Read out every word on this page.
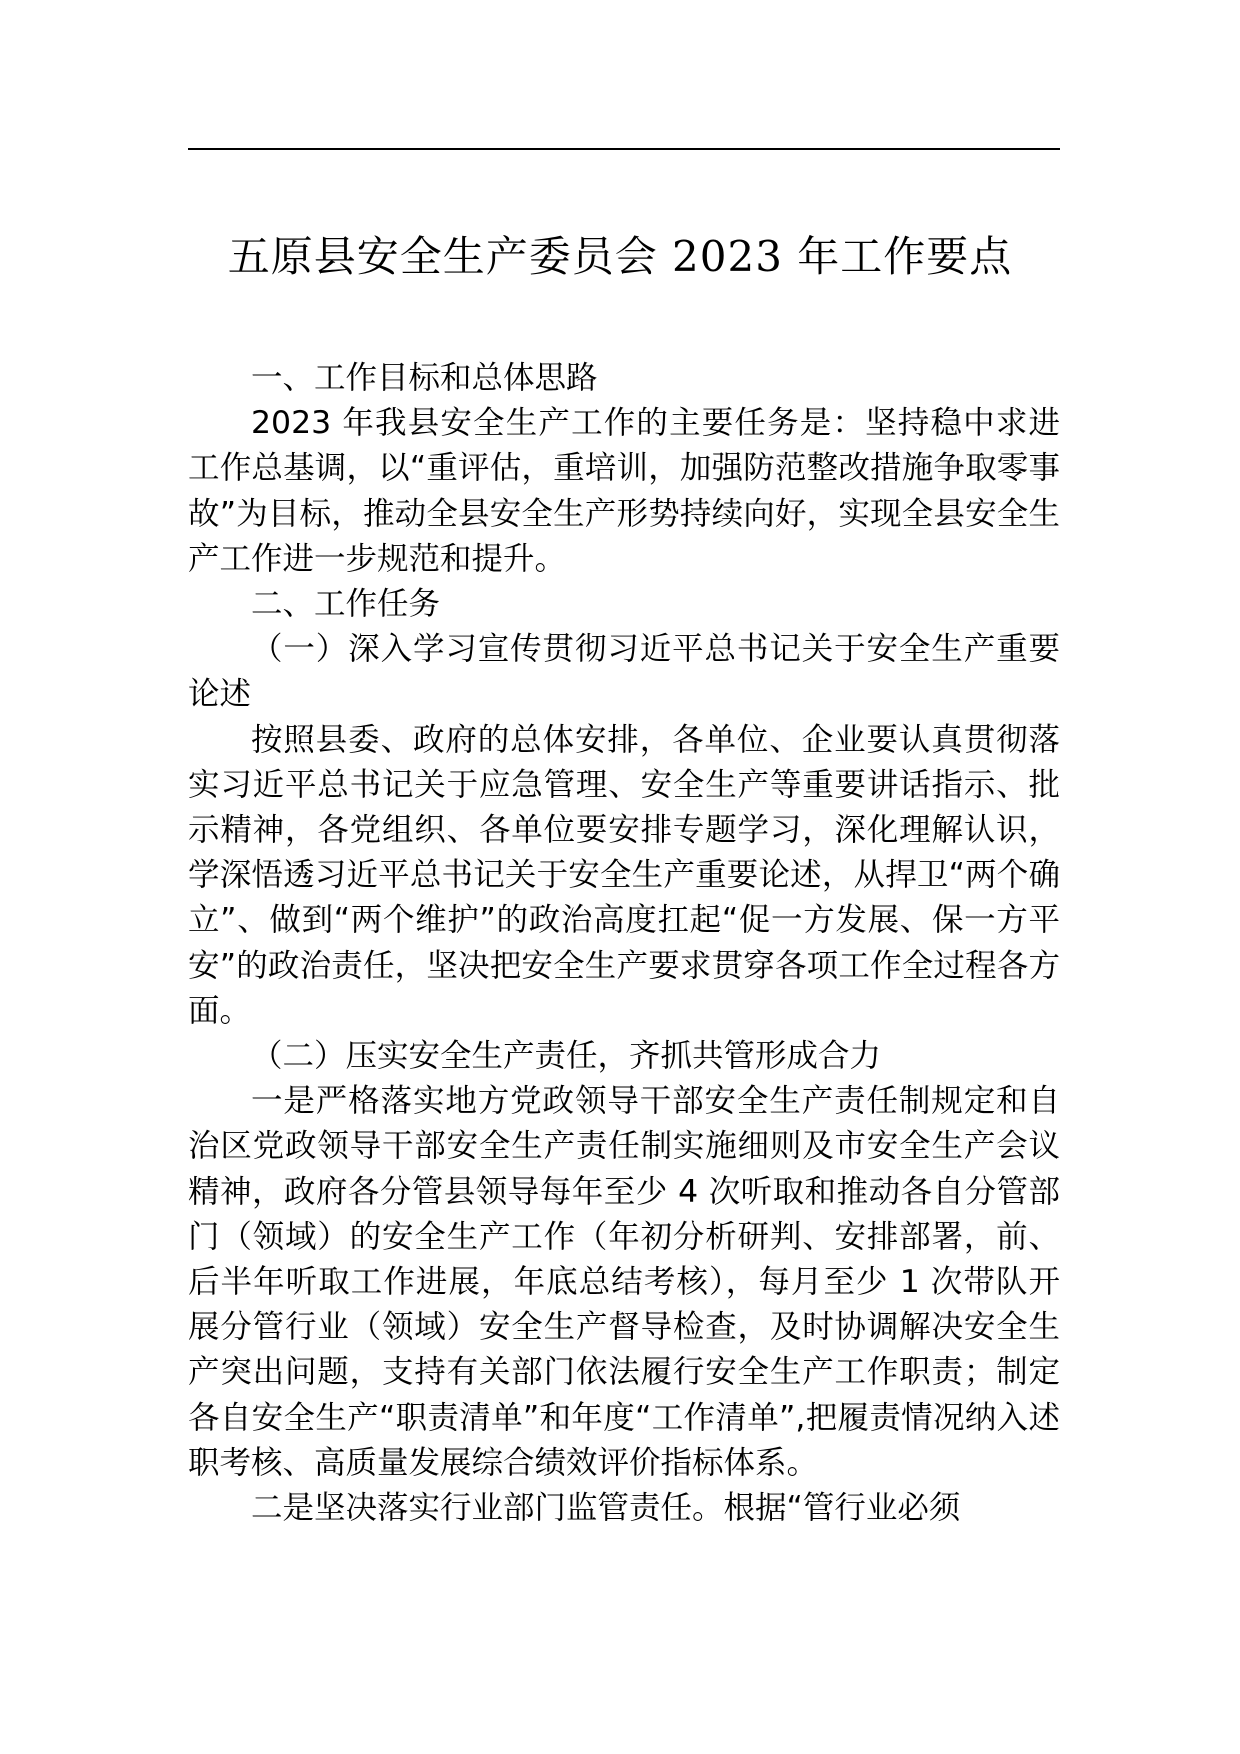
五原县安全生产委员会 2023 年工作要点

一、工作目标和总体思路

2023 年我县安全生产工作的主要任务是：坚持稳中求进工作总基调，以“重评估，重培训，加强防范整改措施争取零事故”为目标，推动全县安全生产形势持续向好，实现全县安全生产工作进一步规范和提升。

二、工作任务

（一）深入学习宣传贯彻习近平总书记关于安全生产重要论述

按照县委、政府的总体安排，各单位、企业要认真贯彻落实习近平总书记关于应急管理、安全生产等重要讲话指示、批示精神，各党组织、各单位要安排专题学习，深化理解认识，学深悟透习近平总书记关于安全生产重要论述，从捍卫“两个确立”、做到“两个维护”的政治高度扛起“促一方发展、保一方平安”的政治责任，坚决把安全生产要求贯穿各项工作全过程各方面。

（二）压实安全生产责任，齐抓共管形成合力

一是严格落实地方党政领导干部安全生产责任制规定和自治区党政领导干部安全生产责任制实施细则及市安全生产会议精神，政府各分管县领导每年至少 4 次听取和推动各自分管部门（领域）的安全生产工作（年初分析研判、安排部署，前、后半年听取工作进展，年底总结考核），每月至少 1 次带队开展分管行业（领域）安全生产督导检查，及时协调解决安全生产突出问题，支持有关部门依法履行安全生产工作职责；制定各自安全生产“职责清单”和年度“工作清单”,把履责情况纳入述职考核、高质量发展综合绩效评价指标体系。

二是坚决落实行业部门监管责任。根据“管行业必须
